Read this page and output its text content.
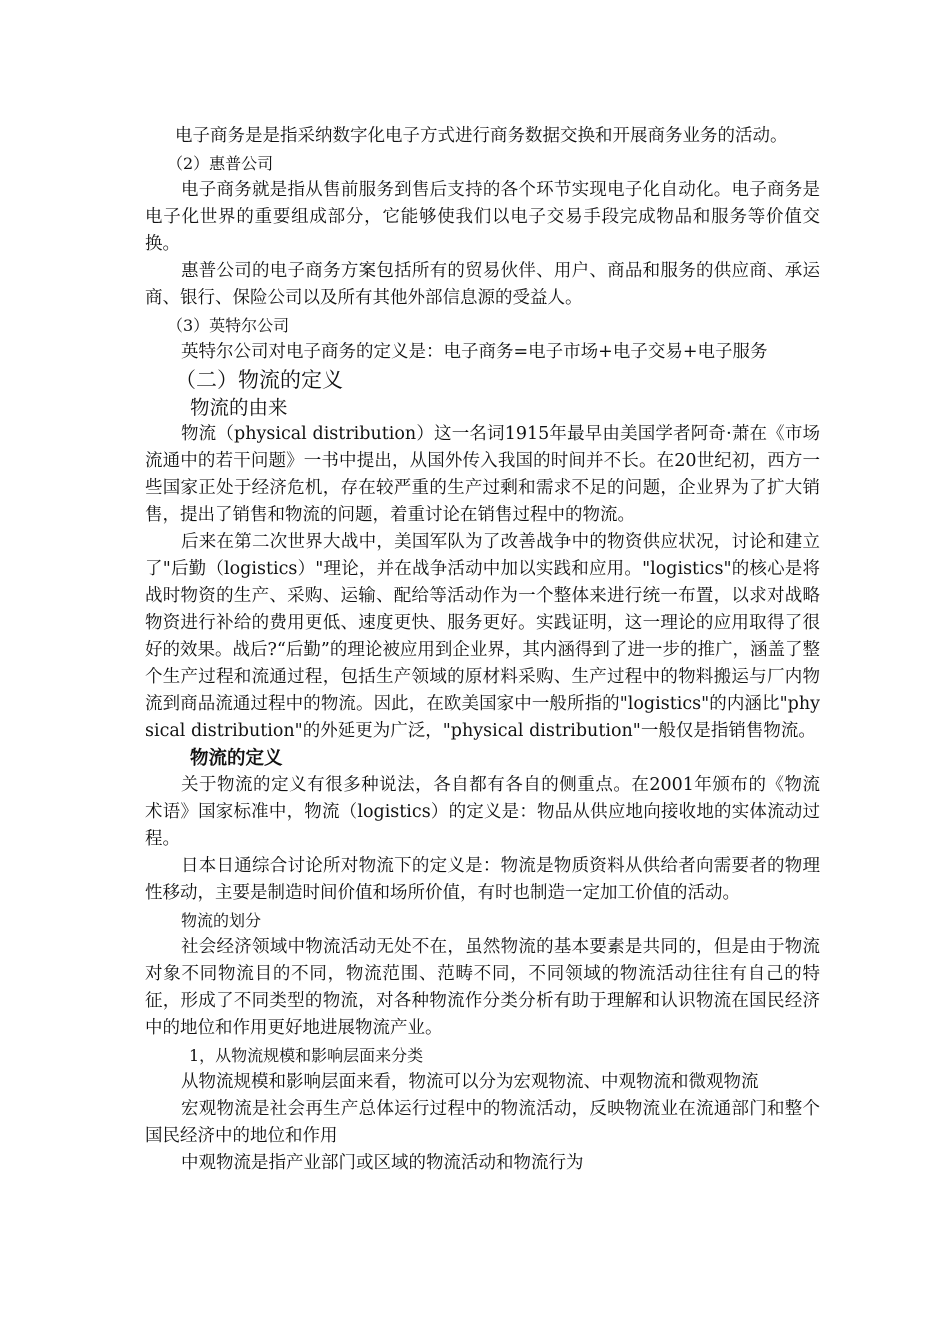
电子商务是是指采纳数字化电子方式进行商务数据交换和开展商务业务的活动。

（2）惠普公司

电子商务就是指从售前服务到售后支持的各个环节实现电子化自动化。电子商务是电子化世界的重要组成部分，它能够使我们以电子交易手段完成物品和服务等价值交换。

惠普公司的电子商务方案包括所有的贸易伙伴、用户、商品和服务的供应商、承运商、银行、保险公司以及所有其他外部信息源的受益人。

（3）英特尔公司

英特尔公司对电子商务的定义是：电子商务=电子市场+电子交易+电子服务

（二）物流的定义
物流的由来

物流（physical distribution）这一名词1915年最早由美国学者阿奇·萧在《市场流通中的若干问题》一书中提出，从国外传入我国的时间并不长。在20世纪初，西方一些国家正处于经济危机，存在较严重的生产过剩和需求不足的问题，企业界为了扩大销售，提出了销售和物流的问题，着重讨论在销售过程中的物流。

后来在第二次世界大战中，美国军队为了改善战争中的物资供应状况，讨论和建立了"后勤（logistics）"理论，并在战争活动中加以实践和应用。"logistics"的核心是将战时物资的生产、采购、运输、配给等活动作为一个整体来进行统一布置，以求对战略物资进行补给的费用更低、速度更快、服务更好。实践证明，这一理论的应用取得了很好的效果。战后?“后勤”的理论被应用到企业界，其内涵得到了进一步的推广，涵盖了整个生产过程和流通过程，包括生产领域的原材料采购、生产过程中的物料搬运与厂内物流到商品流通过程中的物流。因此，在欧美国家中一般所指的"logistics"的内涵比"physical distribution"的外延更为广泛，"physical distribution"一般仅是指销售物流。

物流的定义

关于物流的定义有很多种说法，各自都有各自的侧重点。在2001年颁布的《物流术语》国家标准中，物流（logistics）的定义是：物品从供应地向接收地的实体流动过程。

日本日通综合讨论所对物流下的定义是：物流是物质资料从供给者向需要者的物理性移动，主要是制造时间价值和场所价值，有时也制造一定加工价值的活动。

物流的划分

社会经济领域中物流活动无处不在，虽然物流的基本要素是共同的，但是由于物流对象不同物流目的不同，物流范围、范畴不同，不同领域的物流活动往往有自己的特征，形成了不同类型的物流，对各种物流作分类分析有助于理解和认识物流在国民经济中的地位和作用更好地进展物流产业。

1，从物流规模和影响层面来分类

从物流规模和影响层面来看，物流可以分为宏观物流、中观物流和微观物流

宏观物流是社会再生产总体运行过程中的物流活动，反映物流业在流通部门和整个国民经济中的地位和作用

中观物流是指产业部门或区域的物流活动和物流行为
